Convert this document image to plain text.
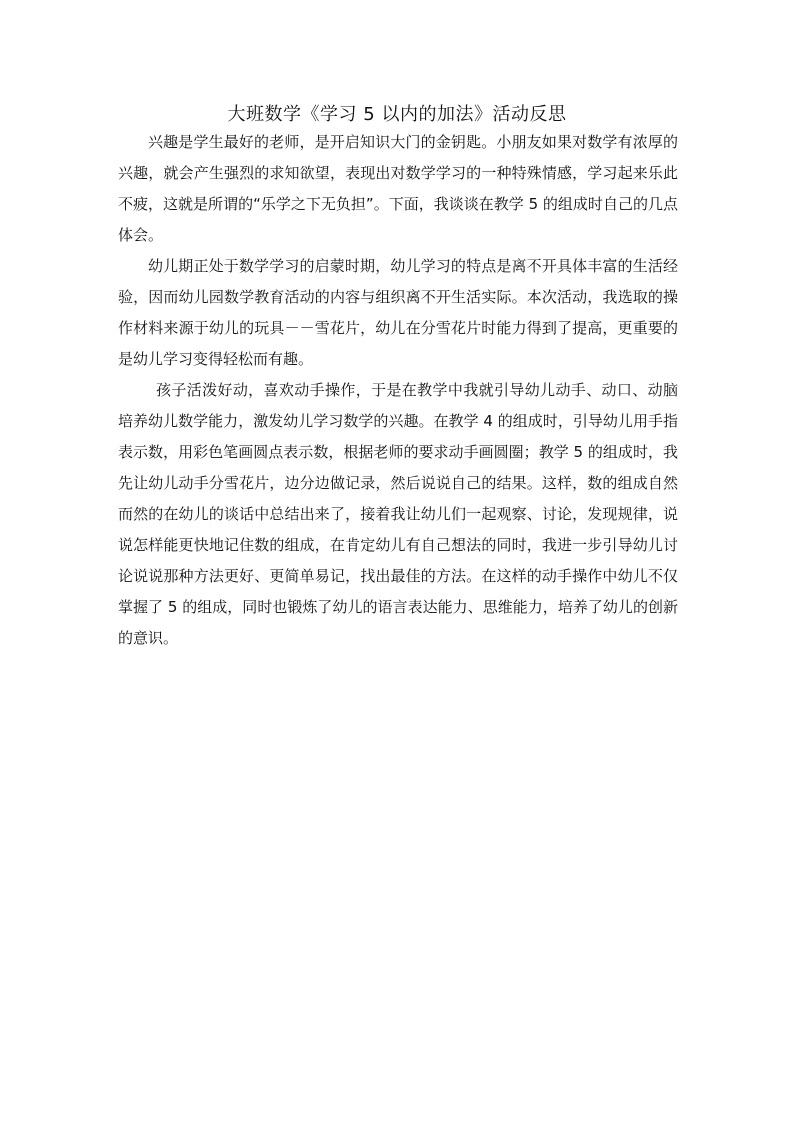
大班数学《学习 5 以内的加法》活动反思

兴趣是学生最好的老师，是开启知识大门的金钥匙。小朋友如果对数学有浓厚的兴趣，就会产生强烈的求知欲望，表现出对数学学习的一种特殊情感，学习起来乐此不疲，这就是所谓的“乐学之下无负担”。下面，我谈谈在教学 5 的组成时自己的几点体会。

幼儿期正处于数学学习的启蒙时期，幼儿学习的特点是离不开具体丰富的生活经验，因而幼儿园数学教育活动的内容与组织离不开生活实际。本次活动，我选取的操作材料来源于幼儿的玩具－－雪花片，幼儿在分雪花片时能力得到了提高，更重要的是幼儿学习变得轻松而有趣。

孩子活泼好动，喜欢动手操作，于是在教学中我就引导幼儿动手、动口、动脑培养幼儿数学能力，激发幼儿学习数学的兴趣。在教学 4 的组成时，引导幼儿用手指表示数，用彩色笔画圆点表示数，根据老师的要求动手画圆圈；教学 5 的组成时，我先让幼儿动手分雪花片，边分边做记录，然后说说自己的结果。这样，数的组成自然而然的在幼儿的谈话中总结出来了，接着我让幼儿们一起观察、讨论，发现规律，说说怎样能更快地记住数的组成，在肯定幼儿有自己想法的同时，我进一步引导幼儿讨论说说那种方法更好、更简单易记，找出最佳的方法。在这样的动手操作中幼儿不仅掌握了 5 的组成，同时也锻炼了幼儿的语言表达能力、思维能力，培养了幼儿的创新的意识。
